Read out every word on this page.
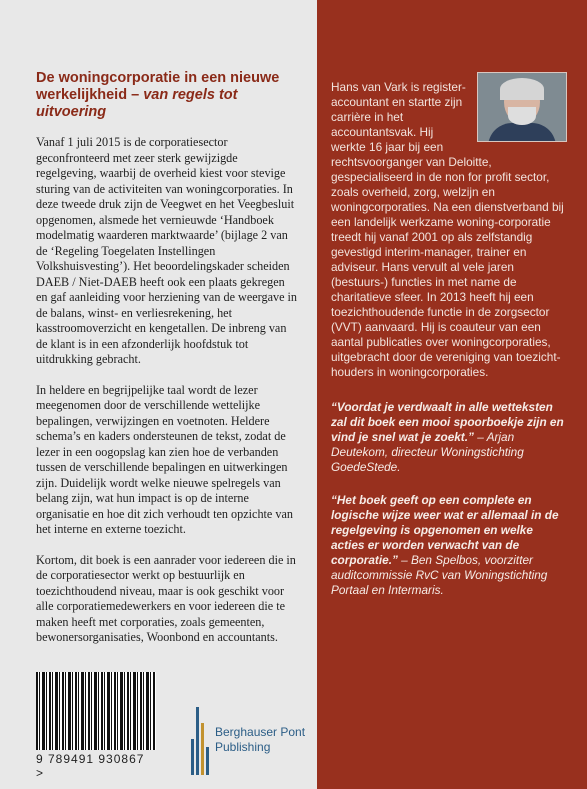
De woningcorporatie in een nieuwe werkelijkheid – van regels tot uitvoering

Vanaf 1 juli 2015 is de corporatiesector geconfronteerd met zeer sterk gewijzigde regelgeving, waarbij de overheid kiest voor stevige sturing van de activiteiten van woningcorporaties. In deze tweede druk zijn de Veegwet en het Veegbesluit opgenomen, alsmede het vernieuwde ‘Handboek modelmatig waarderen marktwaarde’ (bijlage 2 van de ‘Regeling Toegelaten Instellingen Volkshuisvesting’). Het beoordelingskader scheiden DAEB / Niet-DAEB heeft ook een plaats gekregen en gaf aanleiding voor herziening van de weergave in de balans, winst- en verliesrekening, het kasstroomoverzicht en kengetallen. De inbreng van de klant is in een afzonderlijk hoofdstuk tot uitdrukking gebracht.

In heldere en begrijpelijke taal wordt de lezer meegenomen door de verschillende wettelijke bepalingen, verwijzingen en voetnoten. Heldere schema’s en kaders ondersteunen de tekst, zodat de lezer in een oogopslag kan zien hoe de verbanden tussen de verschillende bepalingen en uitwerkingen zijn. Duidelijk wordt welke nieuwe spelregels van belang zijn, wat hun impact is op de interne organisatie en hoe dit zich verhoudt ten opzichte van het interne en externe toezicht.

Kortom, dit boek is een aanrader voor iedereen die in de corporatiesector werkt op bestuurlijk en toezichthoudend niveau, maar is ook geschikt voor alle corporatiemedewerkers en voor iedereen die te maken heeft met corporaties, zoals gemeenten, bewonersorganisaties, Woonbond en accountants.

9 789491 930867 >
Berghauser Pont
Publishing

Hans van Vark is register-accountant en startte zijn carrière in het accountantsvak. Hij werkte 16 jaar bij een rechtsvoorganger van Deloitte, gespecialiseerd in de non for profit sector, zoals overheid, zorg, welzijn en woningcorporaties. Na een dienstverband bij een landelijk werkzame woning-corporatie treedt hij vanaf 2001 op als zelfstandig gevestigd interim-manager, trainer en adviseur. Hans vervult al vele jaren (bestuurs-) functies in met name de charitatieve sfeer. In 2013 heeft hij een toezichthoudende functie in de zorgsector (VVT) aanvaard. Hij is coauteur van een aantal publicaties over woningcorporaties, uitgebracht door de vereniging van toezicht-houders in woningcorporaties.

“Voordat je verdwaalt in alle wetteksten zal dit boek een mooi spoorboekje zijn en vind je snel wat je zoekt.” – Arjan Deutekom, directeur Woningstichting GoedeStede.

“Het boek geeft op een complete en logische wijze weer wat er allemaal in de regelgeving is opgenomen en welke acties er worden verwacht van de corporatie.” – Ben Spelbos, voorzitter auditcommissie RvC van Woningstichting Portaal en Intermaris.
